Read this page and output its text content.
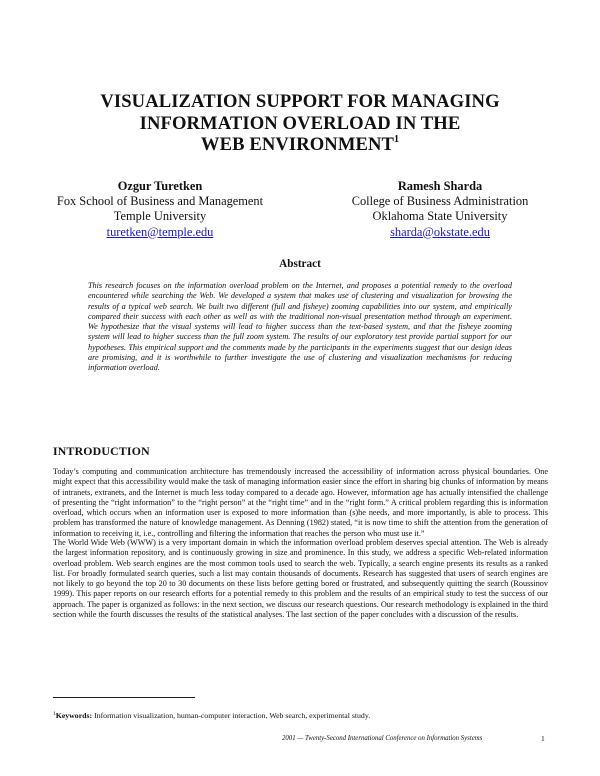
VISUALIZATION SUPPORT FOR MANAGING
INFORMATION OVERLOAD IN THE
WEB ENVIRONMENT$^1$
Ozgur Turetken
Fox School of Business and Management
Temple University
turetken@temple.edu
Ramesh Sharda
College of Business Administration
Oklahoma State University
sharda@okstate.edu
Abstract

This research focuses on the information overload problem on the Internet, and proposes a potential remedy to the overload encountered while searching the Web. We developed a system that makes use of clustering and visualization for browsing the results of a typical web search. We built two different (full and fisheye) zooming capabilities into our system, and empirically compared their success with each other as well as with the traditional non-visual presentation method through an experiment. We hypothesize that the visual systems will lead to higher success than the text-based system, and that the fisheye zooming system will lead to higher success than the full zoom system. The results of our exploratory test provide partial support for our hypotheses. This empirical support and the comments made by the participants in the experiments suggest that our design ideas are promising, and it is worthwhile to further investigate the use of clustering and visualization mechanisms for reducing information overload.

INTRODUCTION

Today’s computing and communication architecture has tremendously increased the accessibility of information across physical boundaries. One might expect that this accessibility would make the task of managing information easier since the effort in sharing big chunks of information by means of intranets, extranets, and the Internet is much less today compared to a decade ago. However, information age has actually intensified the challenge of presenting the “right information” to the “right person” at the “right time” and in the “right form.” A critical problem regarding this is information overload, which occurs when an information user is exposed to more information than (s)he needs, and more importantly, is able to process. This problem has transformed the nature of knowledge management. As Denning (1982) stated, “it is now time to shift the attention from the generation of information to receiving it, i.e., controlling and filtering the information that reaches the person who must use it.”

The World Wide Web (WWW) is a very important domain in which the information overload problem deserves special attention. The Web is already the largest information repository, and is continuously growing in size and prominence. In this study, we address a specific Web-related information overload problem. Web search engines are the most common tools used to search the web. Typically, a search engine presents its results as a ranked list. For broadly formulated search queries, such a list may contain thousands of documents. Research has suggested that users of search engines are not likely to go beyond the top 20 to 30 documents on these lists before getting bored or frustrated, and subsequently quitting the search (Roussinov 1999). This paper reports on our research efforts for a potential remedy to this problem and the results of an empirical study to test the success of our approach. The paper is organized as follows: in the next section, we discuss our research questions. Our research methodology is explained in the third section while the fourth discusses the results of the statistical analyses. The last section of the paper concludes with a discussion of the results.

$^1$Keywords: Information visualization, human-computer interaction, Web search, experimental study.
2001 — Twenty-Second International Conference on Information Systems	1
